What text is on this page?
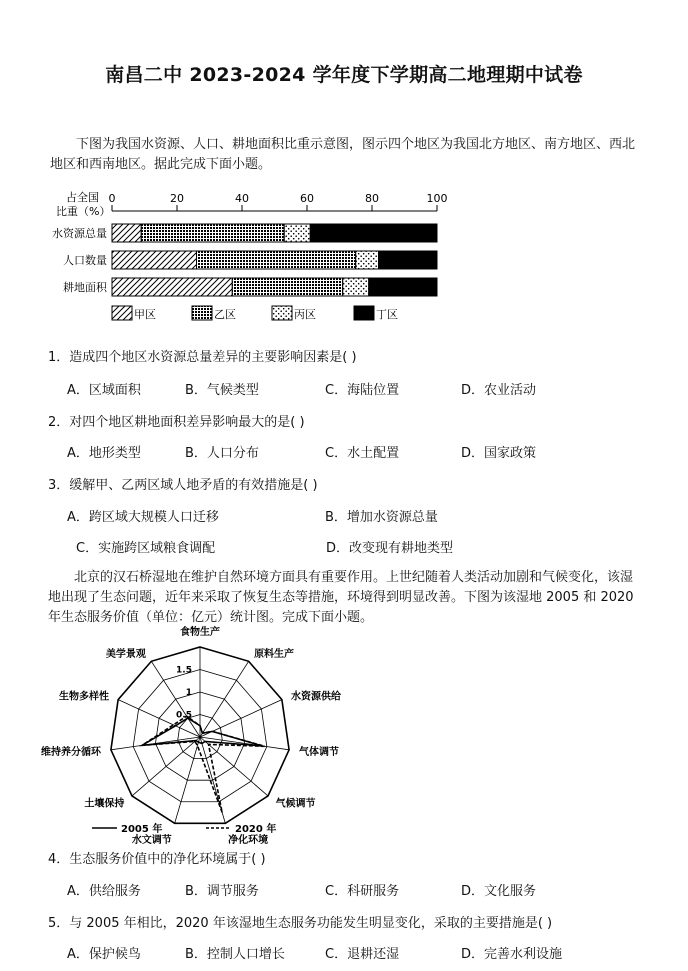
南昌二中 2023-2024 学年度下学期高二地理期中试卷
下图为我国水资源、人口、耕地面积比重示意图，图示四个地区为我国北方地区、南方地区、西北地区和西南地区。据此完成下面小题。
占全国
比重（%）
0	20	40	60	80	100
水资源总量
人口数量
耕地面积
甲区	乙区	丙区	丁区
1．造成四个地区水资源总量差异的主要影响因素是( )
A．区域面积	B．气候类型	C．海陆位置	D．农业活动
2．对四个地区耕地面积差异影响最大的是( )
A．地形类型	B．人口分布	C．水土配置	D．国家政策
3．缓解甲、乙两区域人地矛盾的有效措施是( )
A．跨区域大规模人口迁移	B．增加水资源总量
C．实施跨区域粮食调配	D．改变现有耕地类型
北京的汉石桥湿地在维护自然环境方面具有重要作用。上世纪随着人类活动加剧和气候变化，该湿地出现了生态问题，近年来采取了恢复生态等措施，环境得到明显改善。下图为该湿地 2005 和 2020 年生态服务价值（单位：亿元）统计图。完成下面小题。
0.5
1
1.5
食物生产
原料生产
水资源供给
气体调节
气候调节
净化环境
水文调节
土壤保持
维持养分循环
生物多样性
美学景观
2005 年	2020 年
4．生态服务价值中的净化环境属于( )
A．供给服务	B．调节服务	C．科研服务	D．文化服务
5．与 2005 年相比，2020 年该湿地生态服务功能发生明显变化，采取的主要措施是( )
A．保护候鸟	B．控制人口增长	C．退耕还湿	D．完善水利设施
